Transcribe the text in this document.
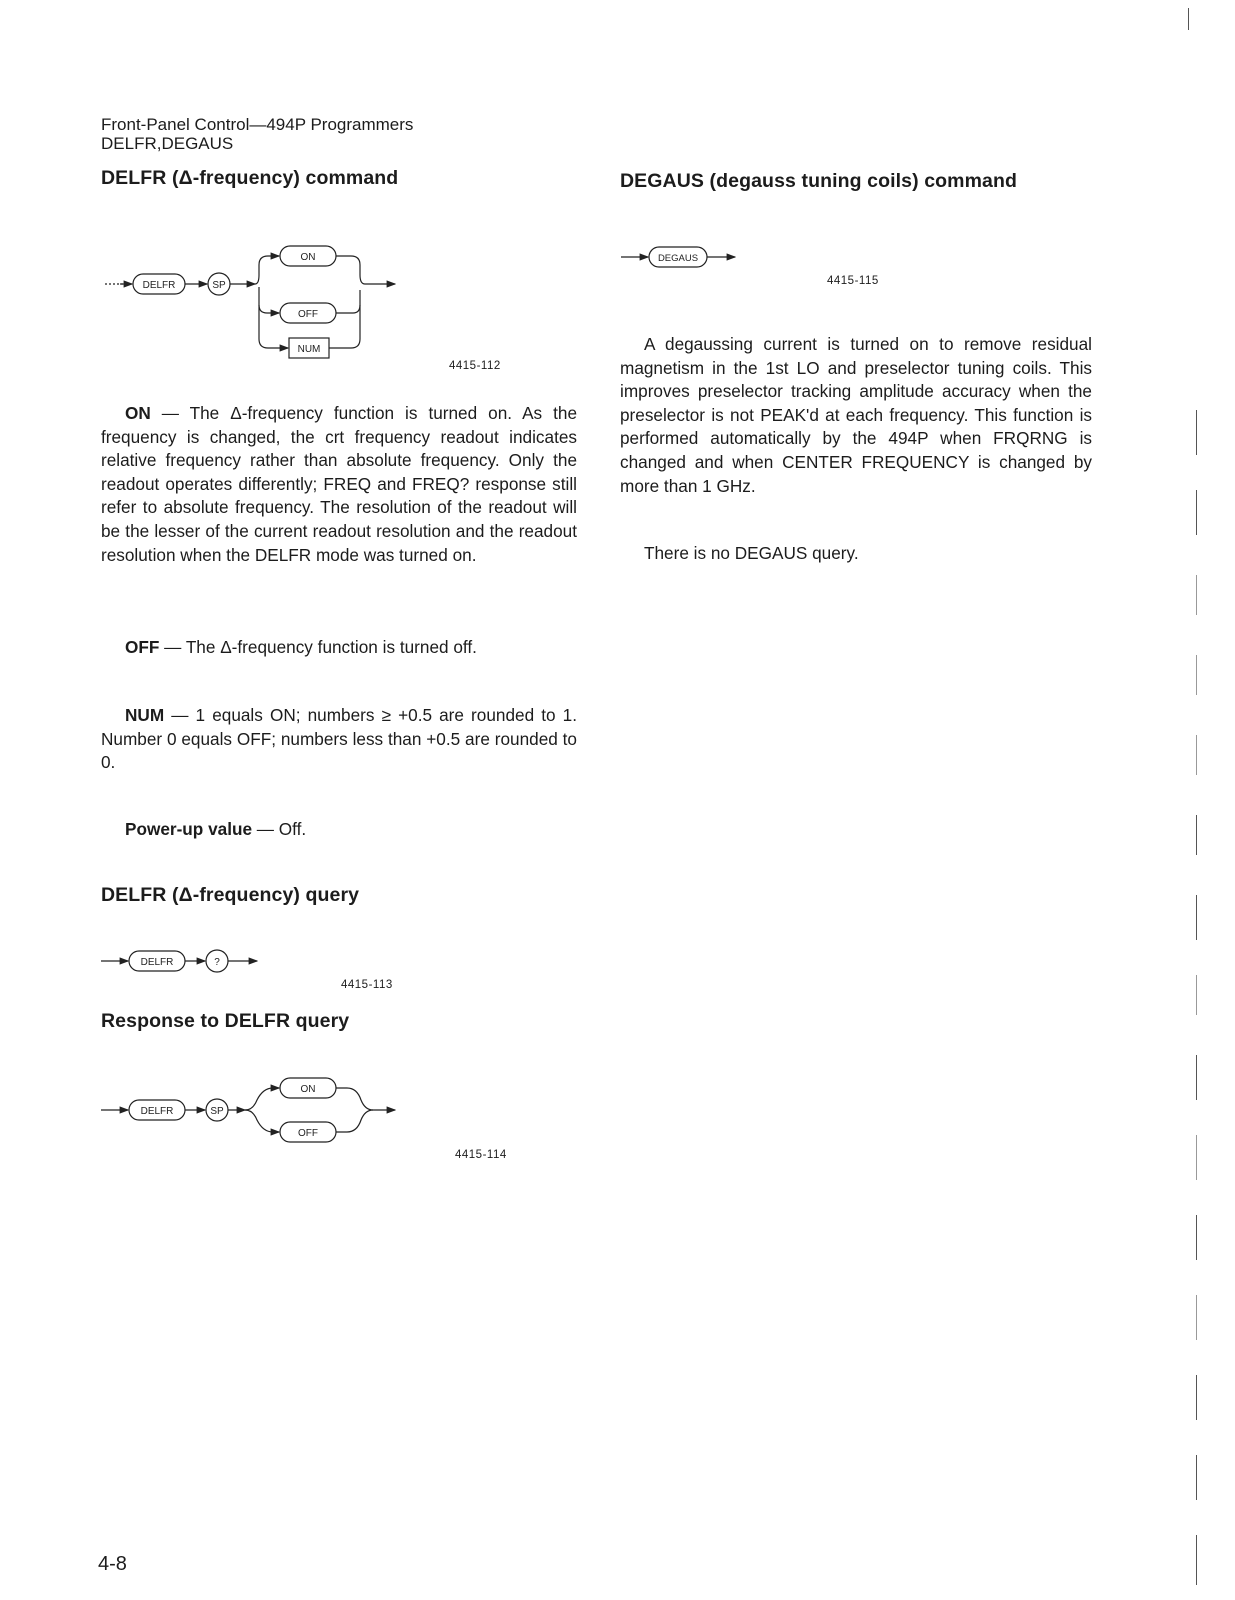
Front-Panel Control—494P Programmers
DELFR,DEGAUS
DELFR (Δ-frequency) command
DELFR	SP
ON
OFF
NUM
4415-112
ON — The Δ-frequency function is turned on. As the frequency is changed, the crt frequency readout indicates relative frequency rather than absolute frequency. Only the readout operates differently; FREQ and FREQ? response still refer to absolute frequency. The resolution of the readout will be the lesser of the current readout resolution and the readout resolution when the DELFR mode was turned on.
OFF — The Δ-frequency function is turned off.
NUM — 1 equals ON; numbers ≥ +0.5 are rounded to 1. Number 0 equals OFF; numbers less than +0.5 are rounded to 0.
Power-up value — Off.
DELFR (Δ-frequency) query
DELFR	?
4415-113
Response to DELFR query
DELFR	SP
ON
OFF
4415-114
DEGAUS (degauss tuning coils) command
DEGAUS
4415-115
A degaussing current is turned on to remove residual magnetism in the 1st LO and preselector tuning coils. This improves preselector tracking amplitude accuracy when the preselector is not PEAK'd at each frequency. This function is performed automatically by the 494P when FRQRNG is changed and when CENTER FREQUENCY is changed by more than 1 GHz.
There is no DEGAUS query.
4-8
